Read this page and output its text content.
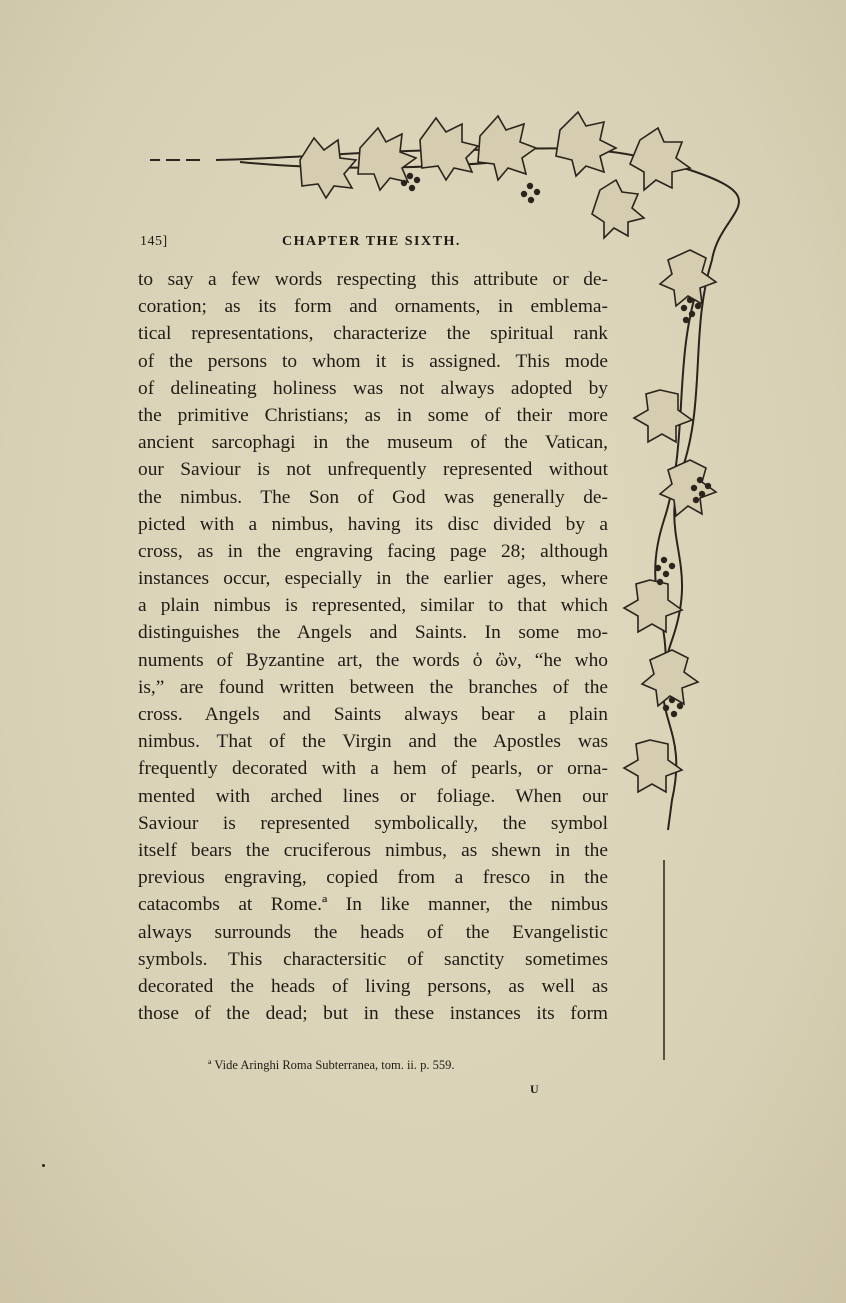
145]	CHAPTER THE SIXTH.
to say a few words respecting this attribute or de-
coration; as its form and ornaments, in emblema-
tical representations, characterize the spiritual rank
of the persons to whom it is assigned. This mode
of delineating holiness was not always adopted by
the primitive Christians; as in some of their more
ancient sarcophagi in the museum of the Vatican,
our Saviour is not unfrequently represented without
the nimbus. The Son of God was generally de-
picted with a nimbus, having its disc divided by a
cross, as in the engraving facing page 28; although
instances occur, especially in the earlier ages, where
a plain nimbus is represented, similar to that which
distinguishes the Angels and Saints. In some mo-
numents of Byzantine art, the words ὁ ὢν, “he who
is,” are found written between the branches of the
cross. Angels and Saints always bear a plain
nimbus. That of the Virgin and the Apostles was
frequently decorated with a hem of pearls, or orna-
mented with arched lines or foliage. When our
Saviour is represented symbolically, the symbol
itself bears the cruciferous nimbus, as shewn in the
previous engraving, copied from a fresco in the
catacombs at Rome.ª In like manner, the nimbus
always surrounds the heads of the Evangelistic
symbols. This charactersitic of sanctity sometimes
decorated the heads of living persons, as well as
those of the dead; but in these instances its form
ª Vide Aringhi Roma Subterranea, tom. ii. p. 559.
U
